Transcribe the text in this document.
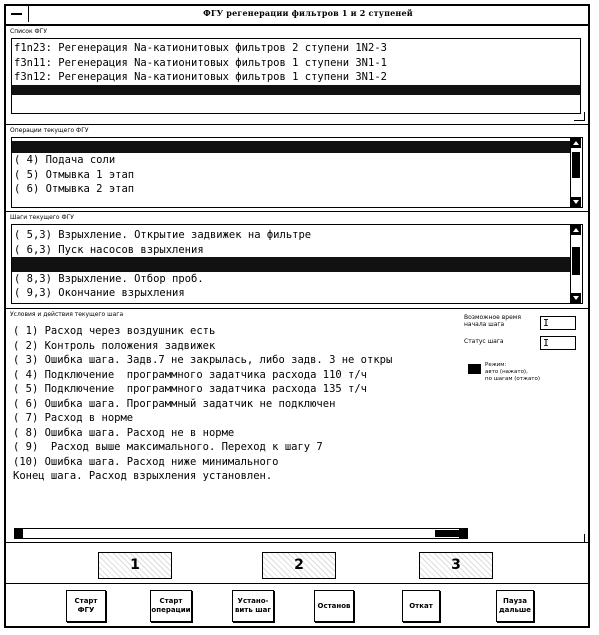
ФГУ регенерации фильтров 1 и 2 ступеней
Список ФГУ
f1n23: Регенерация Na-катионитовых фильтров 2 ступени 1N2-3
f3n11: Регенерация Na-катионитовых фильтров 1 ступени 3N1-1
f3n12: Регенерация Na-катионитовых фильтров 1 ступени 3N1-2
Операции текущего ФГУ
( 4) Подача соли
( 5) Отмывка 1 этап
( 6) Отмывка 2 этап
Шаги текущего ФГУ
( 5,3) Взрыхление. Открытие задвижек на фильтре
( 6,3) Пуск насосов взрыхления
( 8,3) Взрыхление. Отбор проб.
( 9,3) Окончание взрыхления
Условия и действия текущего шага
( 1) Расход через воздушник есть
( 2) Контроль положения задвижек
( 3) Ошибка шага. Задв.7 не закрылась, либо задв. 3 не откры
( 4) Подключение  программного задатчика расхода 110 т/ч
( 5) Подключение  программного задатчика расхода 135 т/ч
( 6) Ошибка шага. Программный задатчик не подключен
( 7) Расход в норме
( 8) Ошибка шага. Расход не в норме
( 9)  Расход выше максимального. Переход к шагу 7
(10) Ошибка шага. Расход ниже минимального
Конец шага. Расход взрыхления установлен.
Возможное время
начала шага	I
Статус шага	I
Режим:
авто (нажато),
по шагам (отжато)
1	2	3
Старт
ФГУ
Старт
операции
Устано-
вить шаг
Останов	Откат
Пауза
дальше
